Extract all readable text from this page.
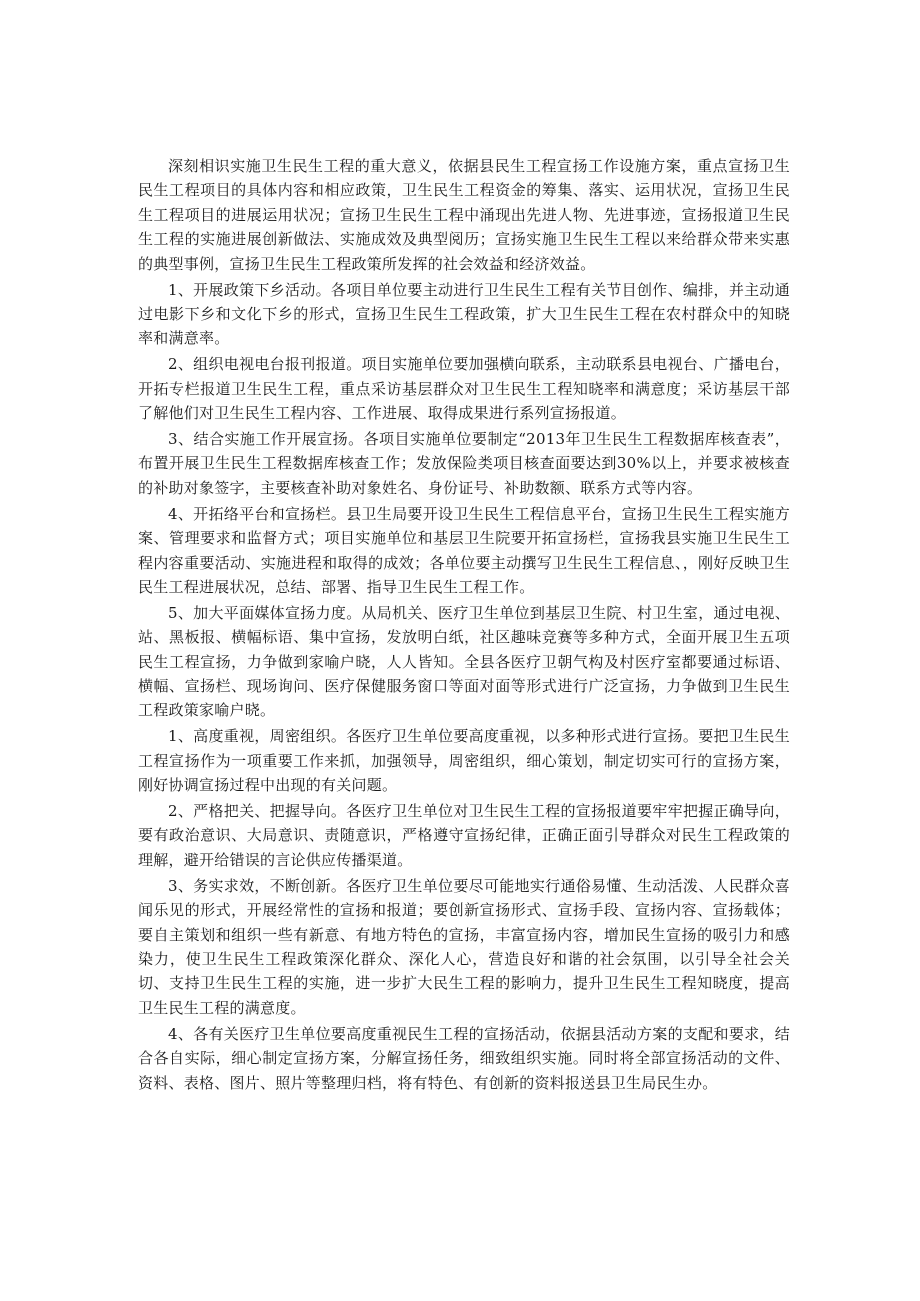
深刻相识实施卫生民生工程的重大意义，依据县民生工程宣扬工作设施方案，重点宣扬卫生民生工程项目的具体内容和相应政策，卫生民生工程资金的筹集、落实、运用状况，宣扬卫生民生工程项目的进展运用状况；宣扬卫生民生工程中涌现出先进人物、先进事迹，宣扬报道卫生民生工程的实施进展创新做法、实施成效及典型阅历；宣扬实施卫生民生工程以来给群众带来实惠的典型事例，宣扬卫生民生工程政策所发挥的社会效益和经济效益。

1、开展政策下乡活动。各项目单位要主动进行卫生民生工程有关节目创作、编排，并主动通过电影下乡和文化下乡的形式，宣扬卫生民生工程政策，扩大卫生民生工程在农村群众中的知晓率和满意率。

2、组织电视电台报刊报道。项目实施单位要加强横向联系，主动联系县电视台、广播电台，开拓专栏报道卫生民生工程，重点采访基层群众对卫生民生工程知晓率和满意度；采访基层干部了解他们对卫生民生工程内容、工作进展、取得成果进行系列宣扬报道。

3、结合实施工作开展宣扬。各项目实施单位要制定“2013年卫生民生工程数据库核查表”，布置开展卫生民生工程数据库核查工作；发放保险类项目核查面要达到30%以上，并要求被核查的补助对象签字，主要核查补助对象姓名、身份证号、补助数额、联系方式等内容。

4、开拓络平台和宣扬栏。县卫生局要开设卫生民生工程信息平台，宣扬卫生民生工程实施方案、管理要求和监督方式；项目实施单位和基层卫生院要开拓宣扬栏，宣扬我县实施卫生民生工程内容重要活动、实施进程和取得的成效；各单位要主动撰写卫生民生工程信息、，刚好反映卫生民生工程进展状况，总结、部署、指导卫生民生工程工作。

5、加大平面媒体宣扬力度。从局机关、医疗卫生单位到基层卫生院、村卫生室，通过电视、站、黑板报、横幅标语、集中宣扬，发放明白纸，社区趣味竞赛等多种方式，全面开展卫生五项民生工程宣扬，力争做到家喻户晓，人人皆知。全县各医疗卫朝气构及村医疗室都要通过标语、横幅、宣扬栏、现场询问、医疗保健服务窗口等面对面等形式进行广泛宣扬，力争做到卫生民生工程政策家喻户晓。

1、高度重视，周密组织。各医疗卫生单位要高度重视，以多种形式进行宣扬。要把卫生民生工程宣扬作为一项重要工作来抓，加强领导，周密组织，细心策划，制定切实可行的宣扬方案，刚好协调宣扬过程中出现的有关问题。

2、严格把关、把握导向。各医疗卫生单位对卫生民生工程的宣扬报道要牢牢把握正确导向，要有政治意识、大局意识、责随意识，严格遵守宣扬纪律，正确正面引导群众对民生工程政策的理解，避开给错误的言论供应传播渠道。

3、务实求效，不断创新。各医疗卫生单位要尽可能地实行通俗易懂、生动活泼、人民群众喜闻乐见的形式，开展经常性的宣扬和报道；要创新宣扬形式、宣扬手段、宣扬内容、宣扬载体；要自主策划和组织一些有新意、有地方特色的宣扬，丰富宣扬内容，增加民生宣扬的吸引力和感染力，使卫生民生工程政策深化群众、深化人心，营造良好和谐的社会氛围，以引导全社会关切、支持卫生民生工程的实施，进一步扩大民生工程的影响力，提升卫生民生工程知晓度，提高卫生民生工程的满意度。

4、各有关医疗卫生单位要高度重视民生工程的宣扬活动，依据县活动方案的支配和要求，结合各自实际，细心制定宣扬方案，分解宣扬任务，细致组织实施。同时将全部宣扬活动的文件、资料、表格、图片、照片等整理归档，将有特色、有创新的资料报送县卫生局民生办。
